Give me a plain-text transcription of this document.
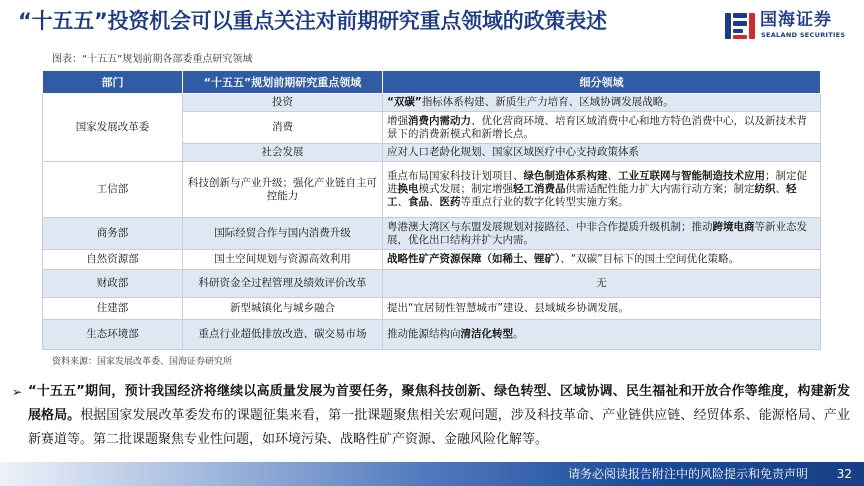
“十五五”投资机会可以重点关注对前期研究重点领域的政策表述	国海证券
SEALAND SECURITIES
图表：“十五五”规划前期各部委重点研究领域
部门	“十五五”规划前期研究重点领域	细分领域
国家发展改革委	投资	“双碳”指标体系构建、新质生产力培育、区域协调发展战略。
	消费	增强消费内需动力、优化营商环境、培育区域消费中心和地方特色消费中心，以及新技术背景下的消费新模式和新增长点。
	社会发展	应对人口老龄化规划、国家区域医疗中心支持政策体系
工信部	科技创新与产业升级；强化产业链自主可控能力	重点布局国家科技计划项目、绿色制造体系构建、工业互联网与智能制造技术应用；制定促进换电模式发展；制定增强轻工消费品供需适配性能力扩大内需行动方案；制定纺织、轻工、食品、医药等重点行业的数字化转型实施方案。
商务部	国际经贸合作与国内消费升级	粤港澳大湾区与东盟发展规划对接路径、中非合作提质升级机制；推动跨境电商等新业态发展，优化出口结构并扩大内需。
自然资源部	国土空间规划与资源高效利用	战略性矿产资源保障（如稀土、锂矿）、“双碳”目标下的国土空间优化策略。
财政部	科研资金全过程管理及绩效评价改革	无
住建部	新型城镇化与城乡融合	提出“宜居韧性智慧城市”建设、县域城乡协调发展。
生态环境部	重点行业超低排放改造、碳交易市场	推动能源结构向清洁化转型。
资料来源：国家发展改革委、国海证券研究所
➢ “十五五”期间，预计我国经济将继续以高质量发展为首要任务，聚焦科技创新、绿色转型、区域协调、民生福祉和开放合作等维度，构建新发展格局。根据国家发展改革委发布的课题征集来看，第一批课题聚焦相关宏观问题，涉及科技革命、产业链供应链、经贸体系、能源格局、产业新赛道等。第二批课题聚焦专业性问题，如环境污染、战略性矿产资源、金融风险化解等。

请务必阅读报告附注中的风险提示和免责声明 32
